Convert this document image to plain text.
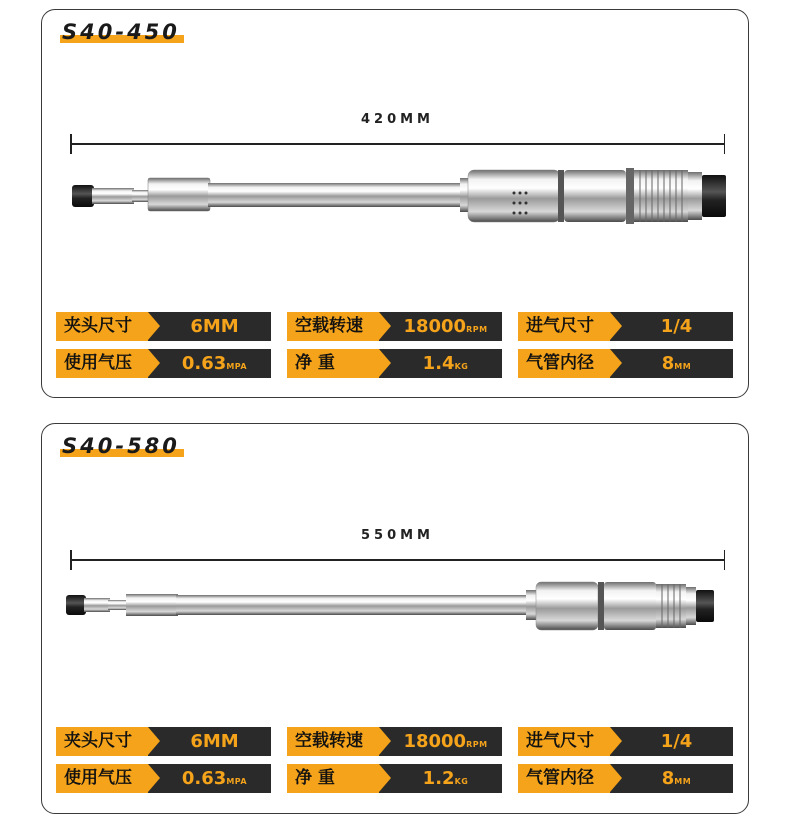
S40-450
420MM
夹头尺寸	6MM	空载转速	18000RPM	进气尺寸	1/4
使用气压	0.63MPA	净 重	1.4KG	气管内径	8MM
S40-580
550MM
夹头尺寸	6MM	空载转速	18000RPM	进气尺寸	1/4
使用气压	0.63MPA	净 重	1.2KG	气管内径	8MM
